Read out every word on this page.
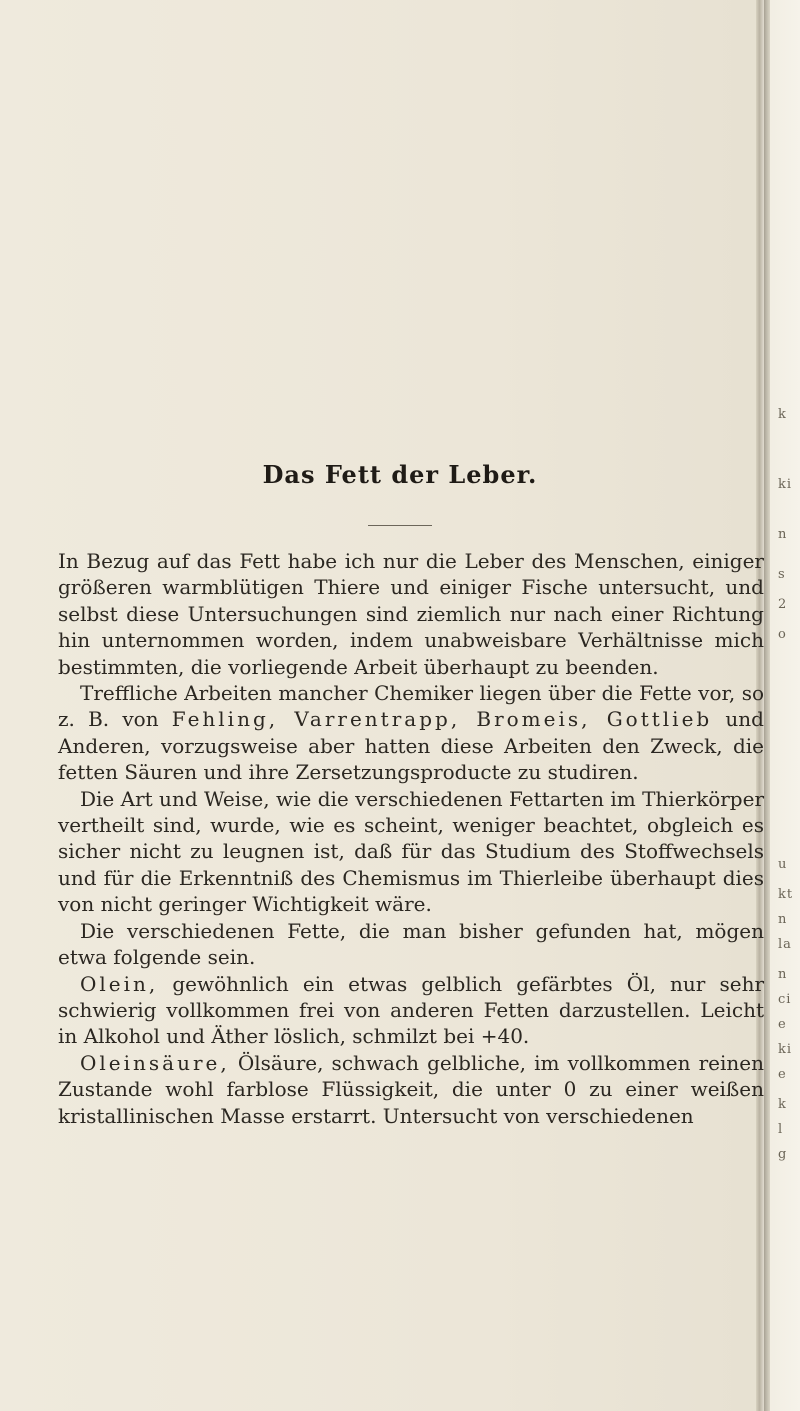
k
ki
n
s
2
o
u
kt
n
la
n
ci
e
ki
e
k
l
g
Das Fett der Leber.

In Bezug auf das Fett habe ich nur die Leber des Menschen, einiger größeren warmblütigen Thiere und einiger Fische untersucht, und selbst diese Untersuchungen sind ziemlich nur nach einer Richtung hin unternommen worden, indem unabweisbare Verhältnisse mich bestimmten, die vorliegende Arbeit überhaupt zu beenden.

Treffliche Arbeiten mancher Chemiker liegen über die Fette vor, so z. B. von Fehling, Varrentrapp, Bromeis, Gottlieb und Anderen, vorzugsweise aber hatten diese Arbeiten den Zweck, die fetten Säuren und ihre Zersetzungsproducte zu studiren.

Die Art und Weise, wie die verschiedenen Fettarten im Thierkörper vertheilt sind, wurde, wie es scheint, weniger beachtet, obgleich es sicher nicht zu leugnen ist, daß für das Studium des Stoffwechsels und für die Erkenntniß des Chemismus im Thierleibe überhaupt dies von nicht geringer Wichtigkeit wäre.

Die verschiedenen Fette, die man bisher gefunden hat, mögen etwa folgende sein.

Olein, gewöhnlich ein etwas gelblich gefärbtes Öl, nur sehr schwierig vollkommen frei von anderen Fetten darzustellen. Leicht in Alkohol und Äther löslich, schmilzt bei +40.

Oleinsäure, Ölsäure, schwach gelbliche, im vollkommen reinen Zustande wohl farblose Flüssigkeit, die unter 0 zu einer weißen kristallinischen Masse erstarrt. Untersucht von verschiedenen
